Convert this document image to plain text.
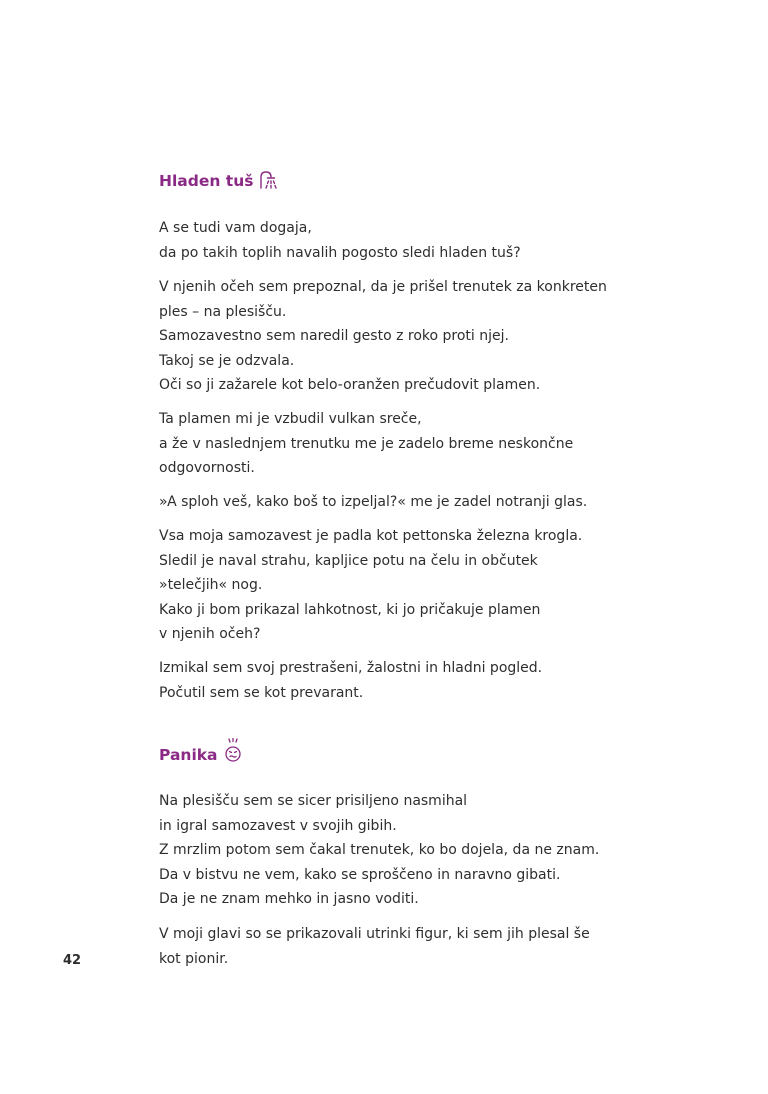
Hladen tuš
A se tudi vam dogaja,
da po takih toplih navalih pogosto sledi hladen tuš?
V njenih očeh sem prepoznal, da je prišel trenutek za konkreten
ples – na plesišču.
Samozavestno sem naredil gesto z roko proti njej.
Takoj se je odzvala.
Oči so ji zažarele kot belo-oranžen prečudovit plamen.
Ta plamen mi je vzbudil vulkan sreče,
a že v naslednjem trenutku me je zadelo breme neskončne
odgovornosti.
»A sploh veš, kako boš to izpeljal?« me je zadel notranji glas.
Vsa moja samozavest je padla kot pettonska železna krogla.
Sledil je naval strahu, kapljice potu na čelu in občutek
»telečjih« nog.
Kako ji bom prikazal lahkotnost, ki jo pričakuje plamen
v njenih očeh?
Izmikal sem svoj prestrašeni, žalostni in hladni pogled.
Počutil sem se kot prevarant.
Panika
Na plesišču sem se sicer prisiljeno nasmihal
in igral samozavest v svojih gibih.
Z mrzlim potom sem čakal trenutek, ko bo dojela, da ne znam.
Da v bistvu ne vem, kako se sproščeno in naravno gibati.
Da je ne znam mehko in jasno voditi.
V moji glavi so se prikazovali utrinki figur, ki sem jih plesal še
kot pionir.
42
